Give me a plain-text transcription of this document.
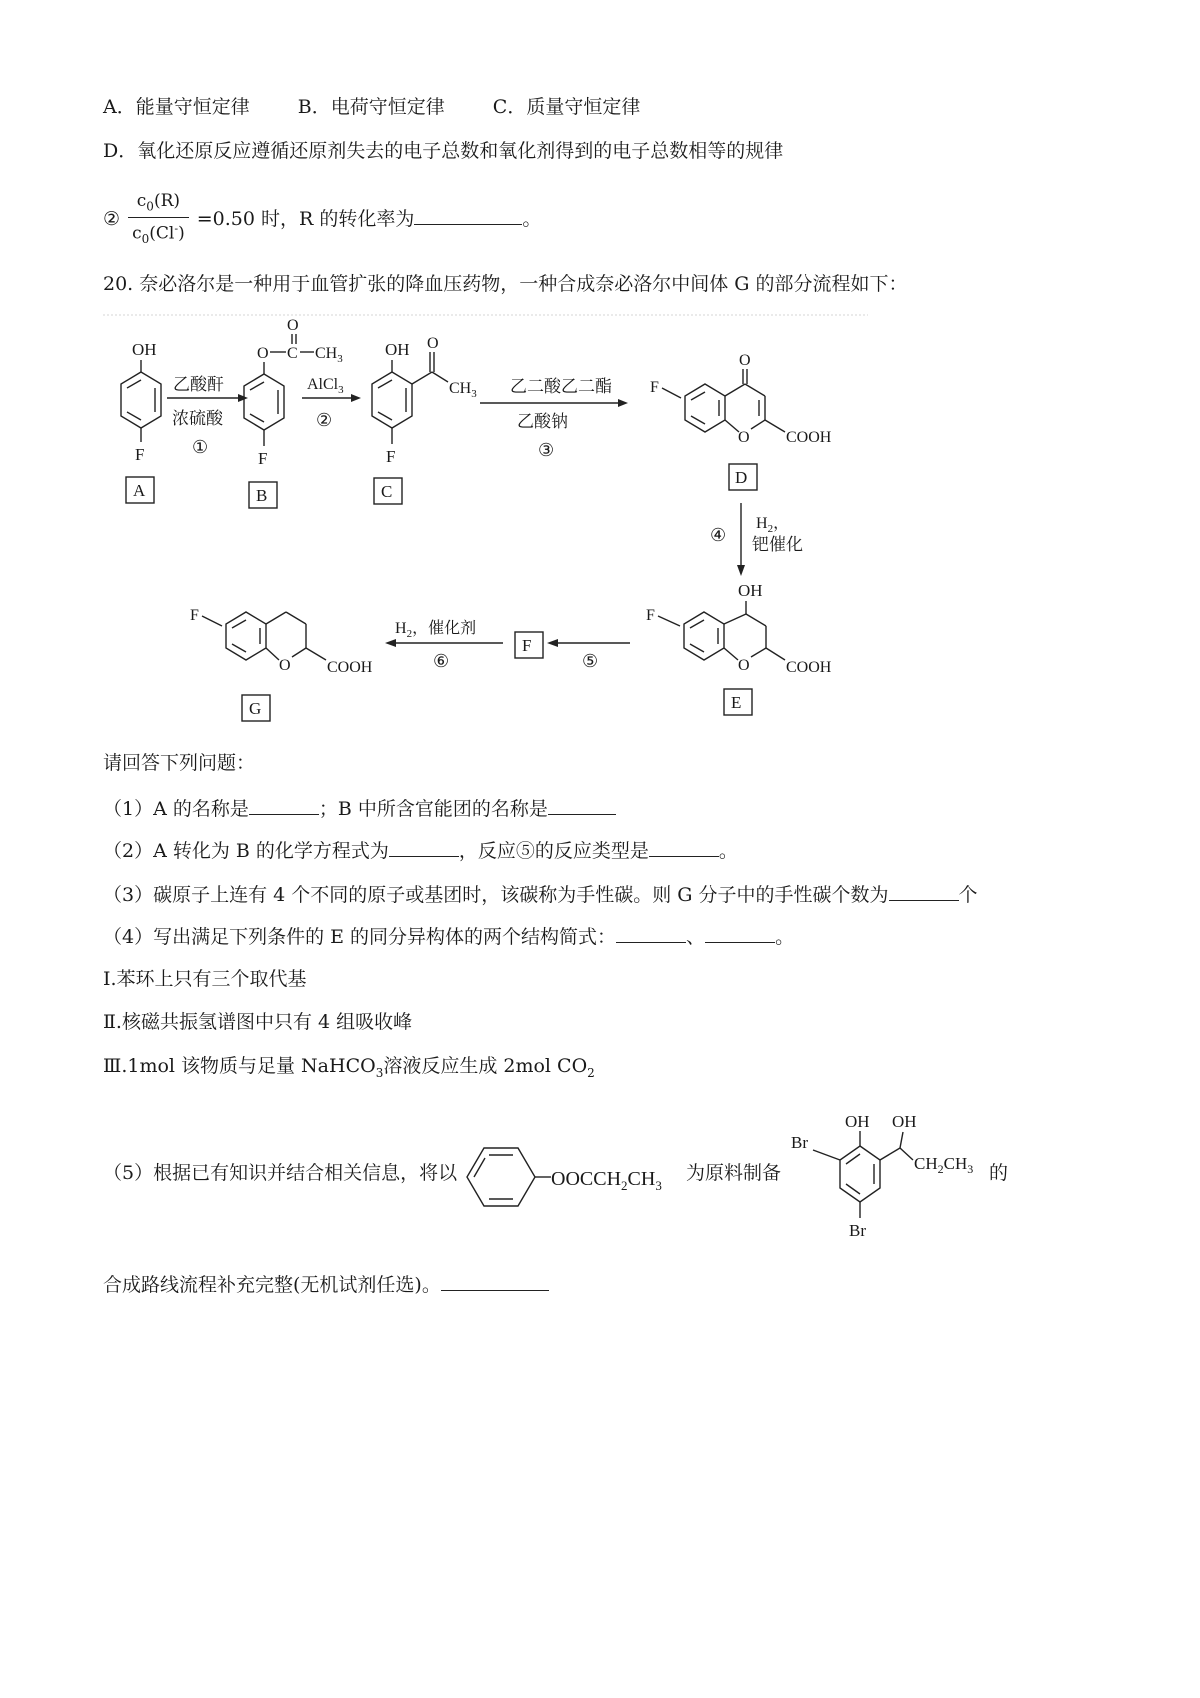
A．能量守恒定律	B．电荷守恒定律	C．质量守恒定律
D．氧化还原反应遵循还原剂失去的电子总数和氧化剂得到的电子总数相等的规律
② $\frac{c_0(R)}{c_0(Cl^-)} =0.50$ 时，R 的转化率为	。
20. 奈必洛尔是一种用于血管扩张的降血压药物，一种合成奈必洛尔中间体 G 的部分流程如下：
OH
F
A
乙酸酐
浓硫酸
①
O
O C $CH_3$
F
B
AlCl$_3$
②
OH O
$CH_3$
F
C
乙二酸乙二酯
乙酸钠
③
O
F
O COOH
D
④
$H_2$，
钯催化
OH
F
O COOH
E
⑤
F
$H_2$，催化剂
⑥
F
O COOH
G
请回答下列问题：
（1）A 的名称是	；B 中所含官能团的名称是
（2）A 转化为 B 的化学方程式为	，反应⑤的反应类型是	。
（3）碳原子上连有 4 个不同的原子或基团时，该碳称为手性碳。则 G 分子中的手性碳个数为	个
（4）写出满足下列条件的 E 的同分异构体的两个结构简式：	、	。
Ⅰ.苯环上只有三个取代基
Ⅱ.核磁共振氢谱图中只有 4 组吸收峰
Ⅲ.1mol 该物质与足量 NaHCO$_3$溶液反应生成 2mol $CO_2$
（5）根据已有知识并结合相关信息，将以	$OOCCH_2CH_3$
OH OH
Br
$CH_2CH_3$
Br
为原料制备	的
合成路线流程补充完整(无机试剂任选)。
